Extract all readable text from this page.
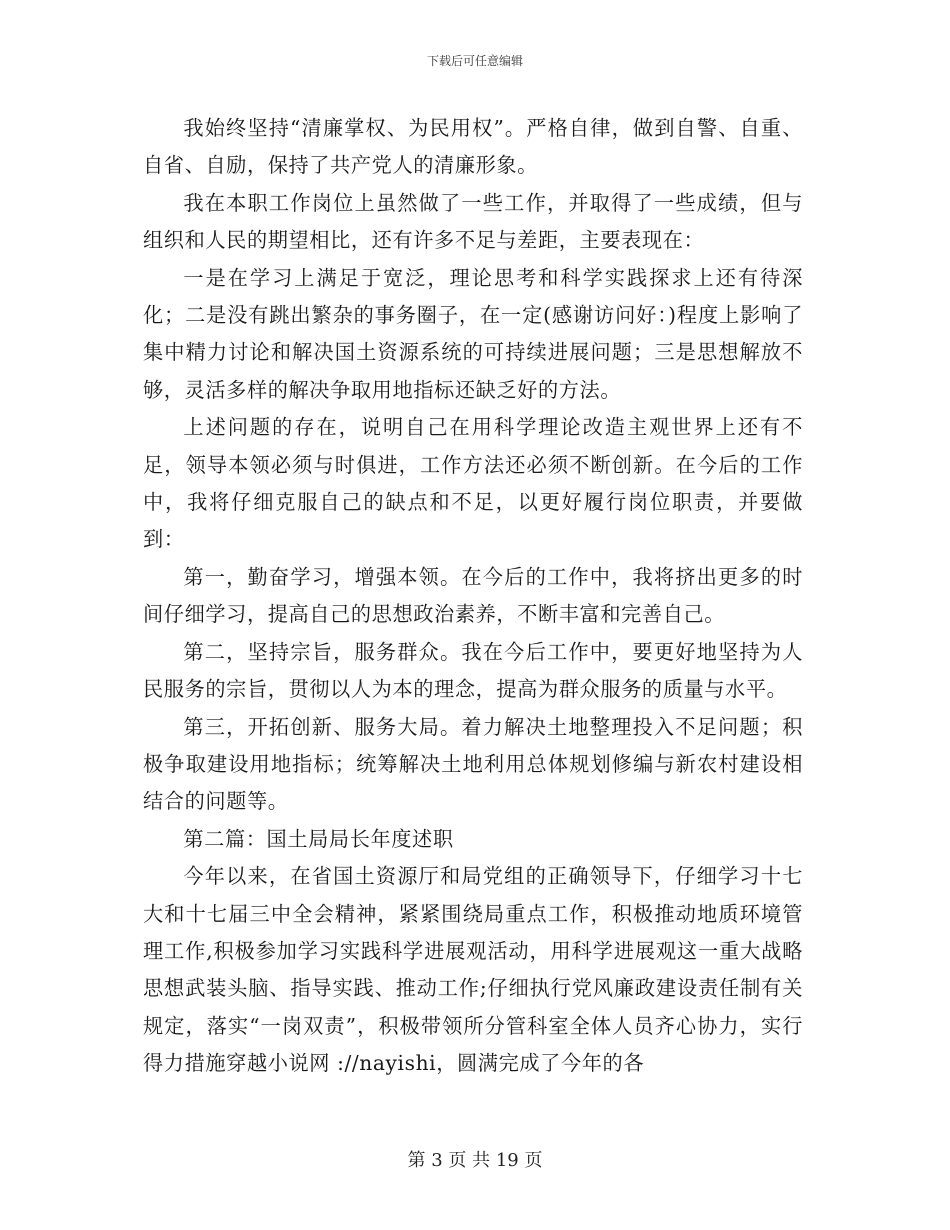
下载后可任意编辑

我始终坚持“清廉掌权、为民用权”。严格自律，做到自警、自重、自省、自励，保持了共产党人的清廉形象。

我在本职工作岗位上虽然做了一些工作，并取得了一些成绩，但与组织和人民的期望相比，还有许多不足与差距，主要表现在：

一是在学习上满足于宽泛，理论思考和科学实践探求上还有待深化；二是没有跳出繁杂的事务圈子，在一定(感谢访问好：)程度上影响了集中精力讨论和解决国土资源系统的可持续进展问题；三是思想解放不够，灵活多样的解决争取用地指标还缺乏好的方法。

上述问题的存在，说明自己在用科学理论改造主观世界上还有不足，领导本领必须与时俱进，工作方法还必须不断创新。在今后的工作中，我将仔细克服自己的缺点和不足，以更好履行岗位职责，并要做到：

第一，勤奋学习，增强本领。在今后的工作中，我将挤出更多的时间仔细学习，提高自己的思想政治素养，不断丰富和完善自己。

第二，坚持宗旨，服务群众。我在今后工作中，要更好地坚持为人民服务的宗旨，贯彻以人为本的理念，提高为群众服务的质量与水平。

第三，开拓创新、服务大局。着力解决土地整理投入不足问题；积极争取建设用地指标；统筹解决土地利用总体规划修编与新农村建设相结合的问题等。

第二篇：国土局局长年度述职

今年以来，在省国土资源厅和局党组的正确领导下，仔细学习十七大和十七届三中全会精神，紧紧围绕局重点工作，积极推动地质环境管理工作,积极参加学习实践科学进展观活动，用科学进展观这一重大战略思想武装头脑、指导实践、推动工作;仔细执行党风廉政建设责任制有关规定，落实“一岗双责”，积极带领所分管科室全体人员齐心协力，实行得力措施穿越小说网 ://nayishi，圆满完成了今年的各

第 3 页 共 19 页
